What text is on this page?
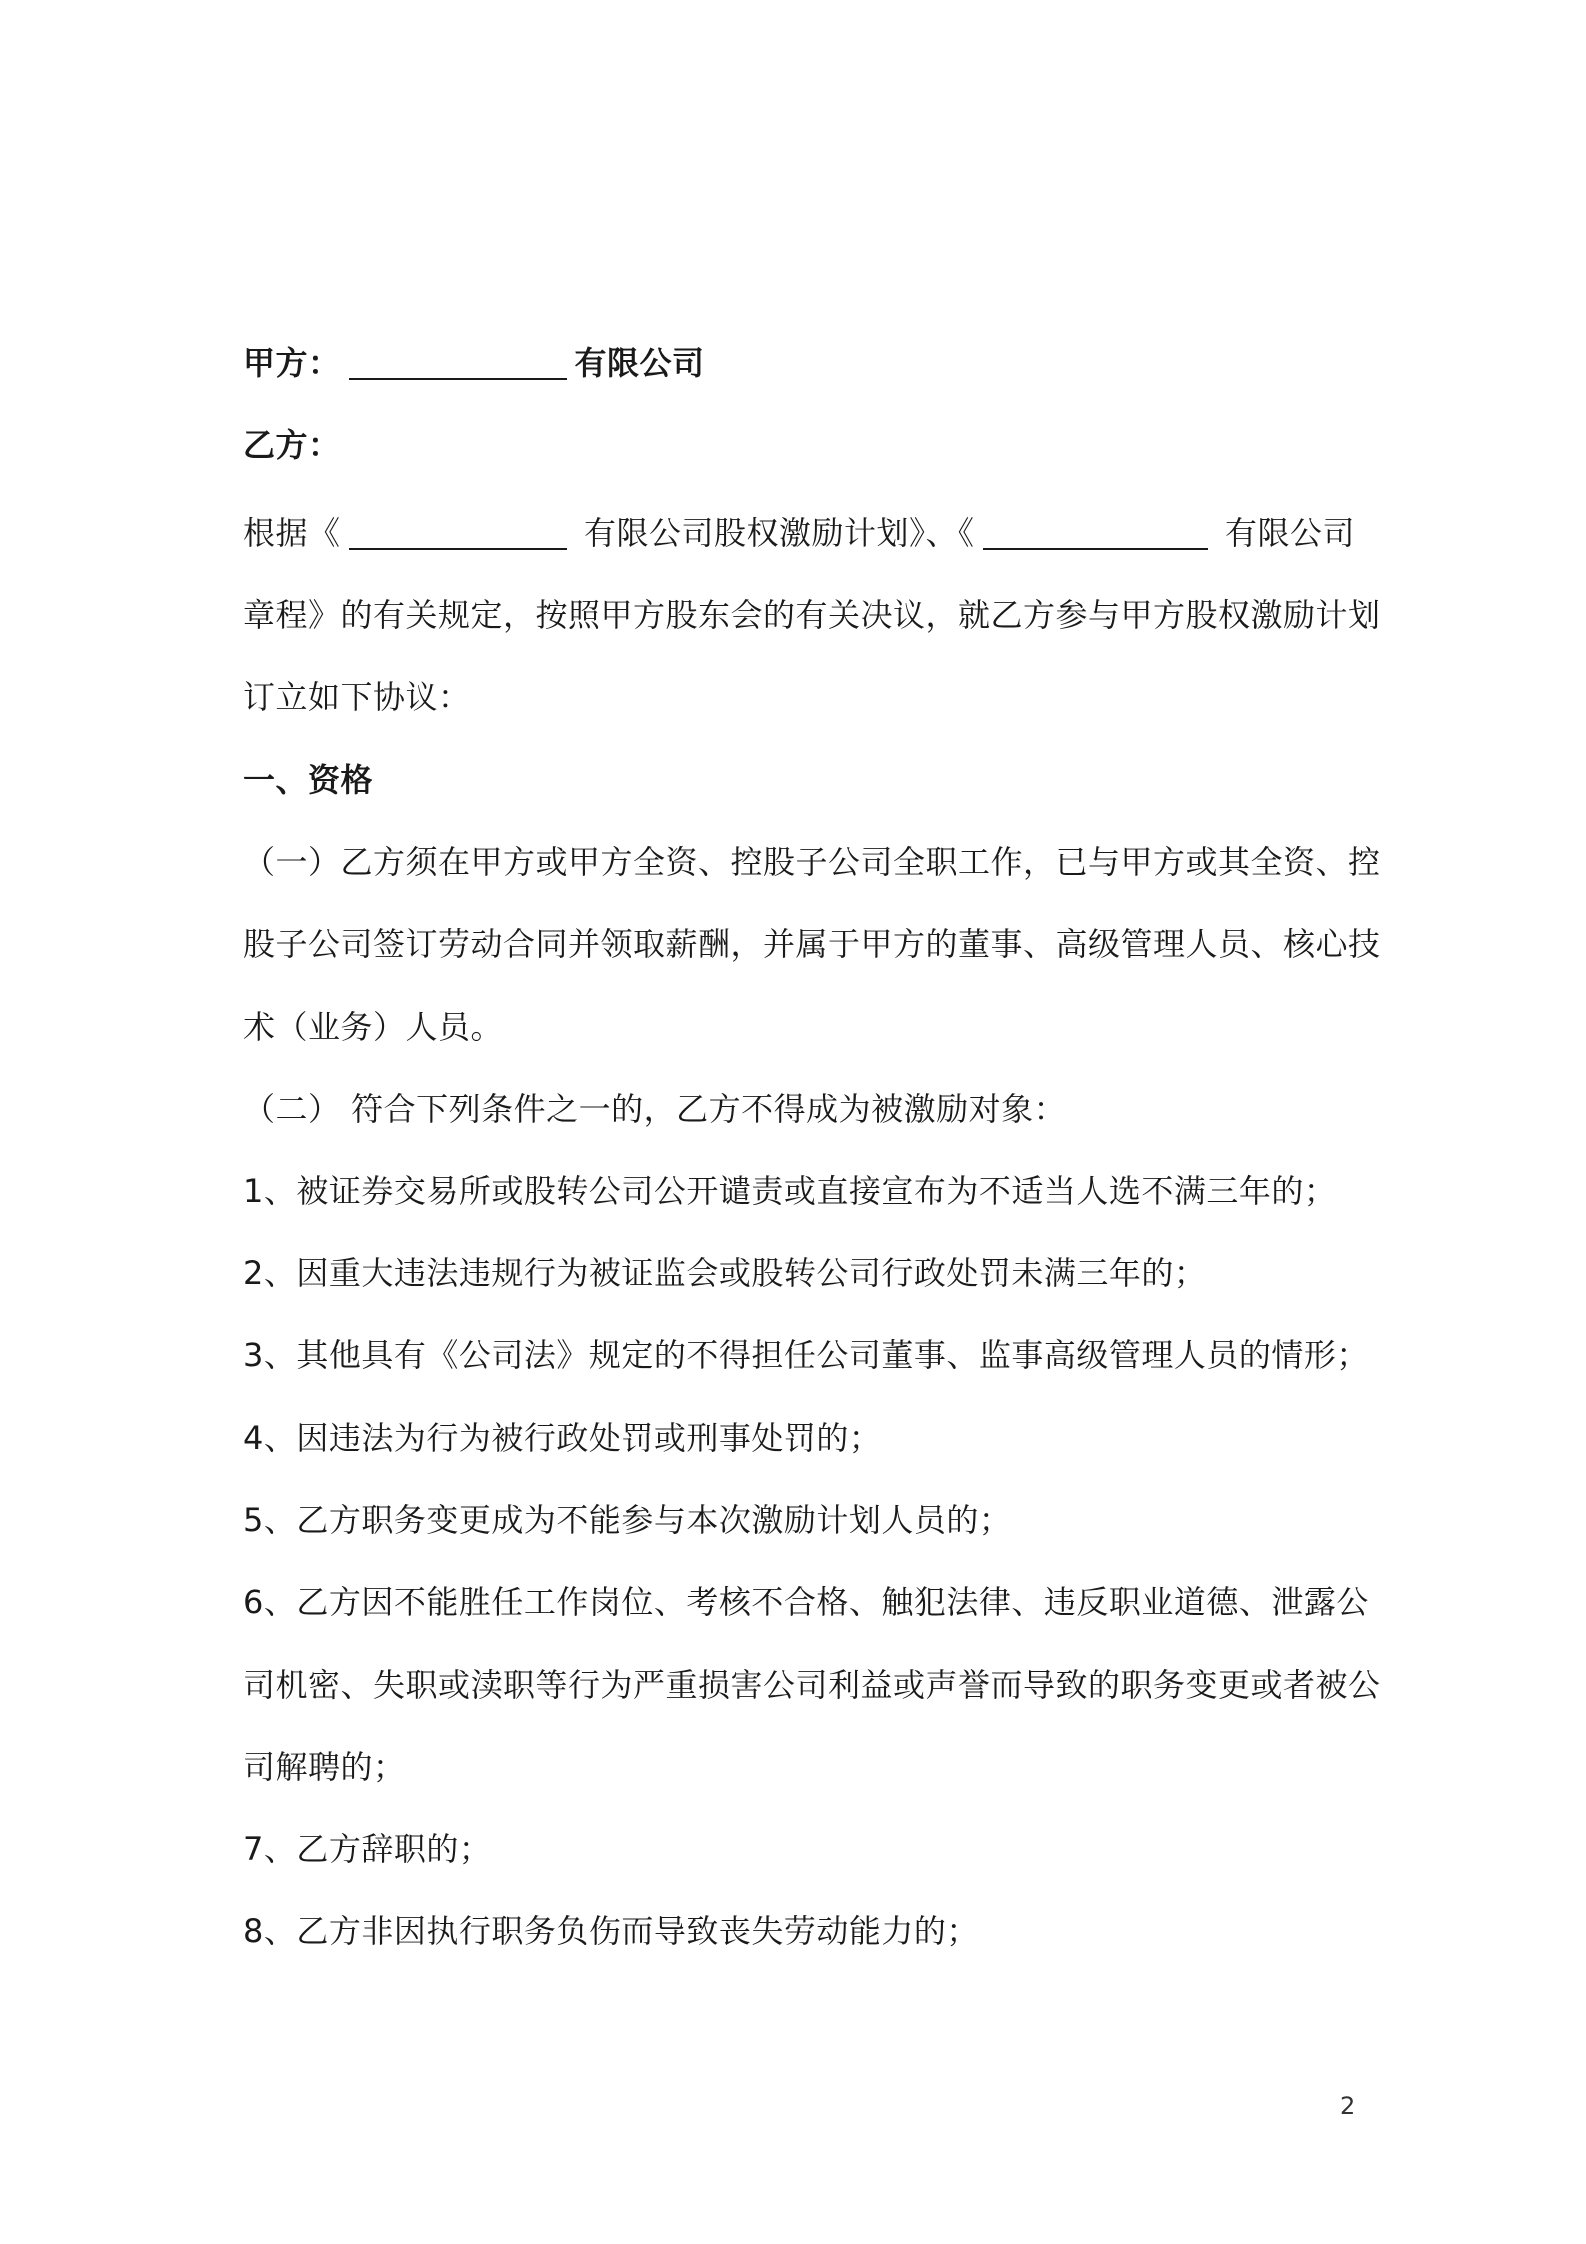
甲方：	有限公司
乙方：
根据《	有限公司股权激励计划》、《	有限公司
章程》的有关规定，按照甲方股东会的有关决议，就乙方参与甲方股权激励计划
订立如下协议：
一、资格
（一）乙方须在甲方或甲方全资、控股子公司全职工作，已与甲方或其全资、控
股子公司签订劳动合同并领取薪酬，并属于甲方的董事、高级管理人员、核心技
术（业务）人员。
（二） 符合下列条件之一的，乙方不得成为被激励对象：
1、被证券交易所或股转公司公开谴责或直接宣布为不适当人选不满三年的；
2、因重大违法违规行为被证监会或股转公司行政处罚未满三年的；
3、其他具有《公司法》规定的不得担任公司董事、监事高级管理人员的情形；
4、因违法为行为被行政处罚或刑事处罚的；
5、乙方职务变更成为不能参与本次激励计划人员的；
6、乙方因不能胜任工作岗位、考核不合格、触犯法律、违反职业道德、泄露公
司机密、失职或渎职等行为严重损害公司利益或声誉而导致的职务变更或者被公
司解聘的；
7、乙方辞职的；
8、乙方非因执行职务负伤而导致丧失劳动能力的；
2
